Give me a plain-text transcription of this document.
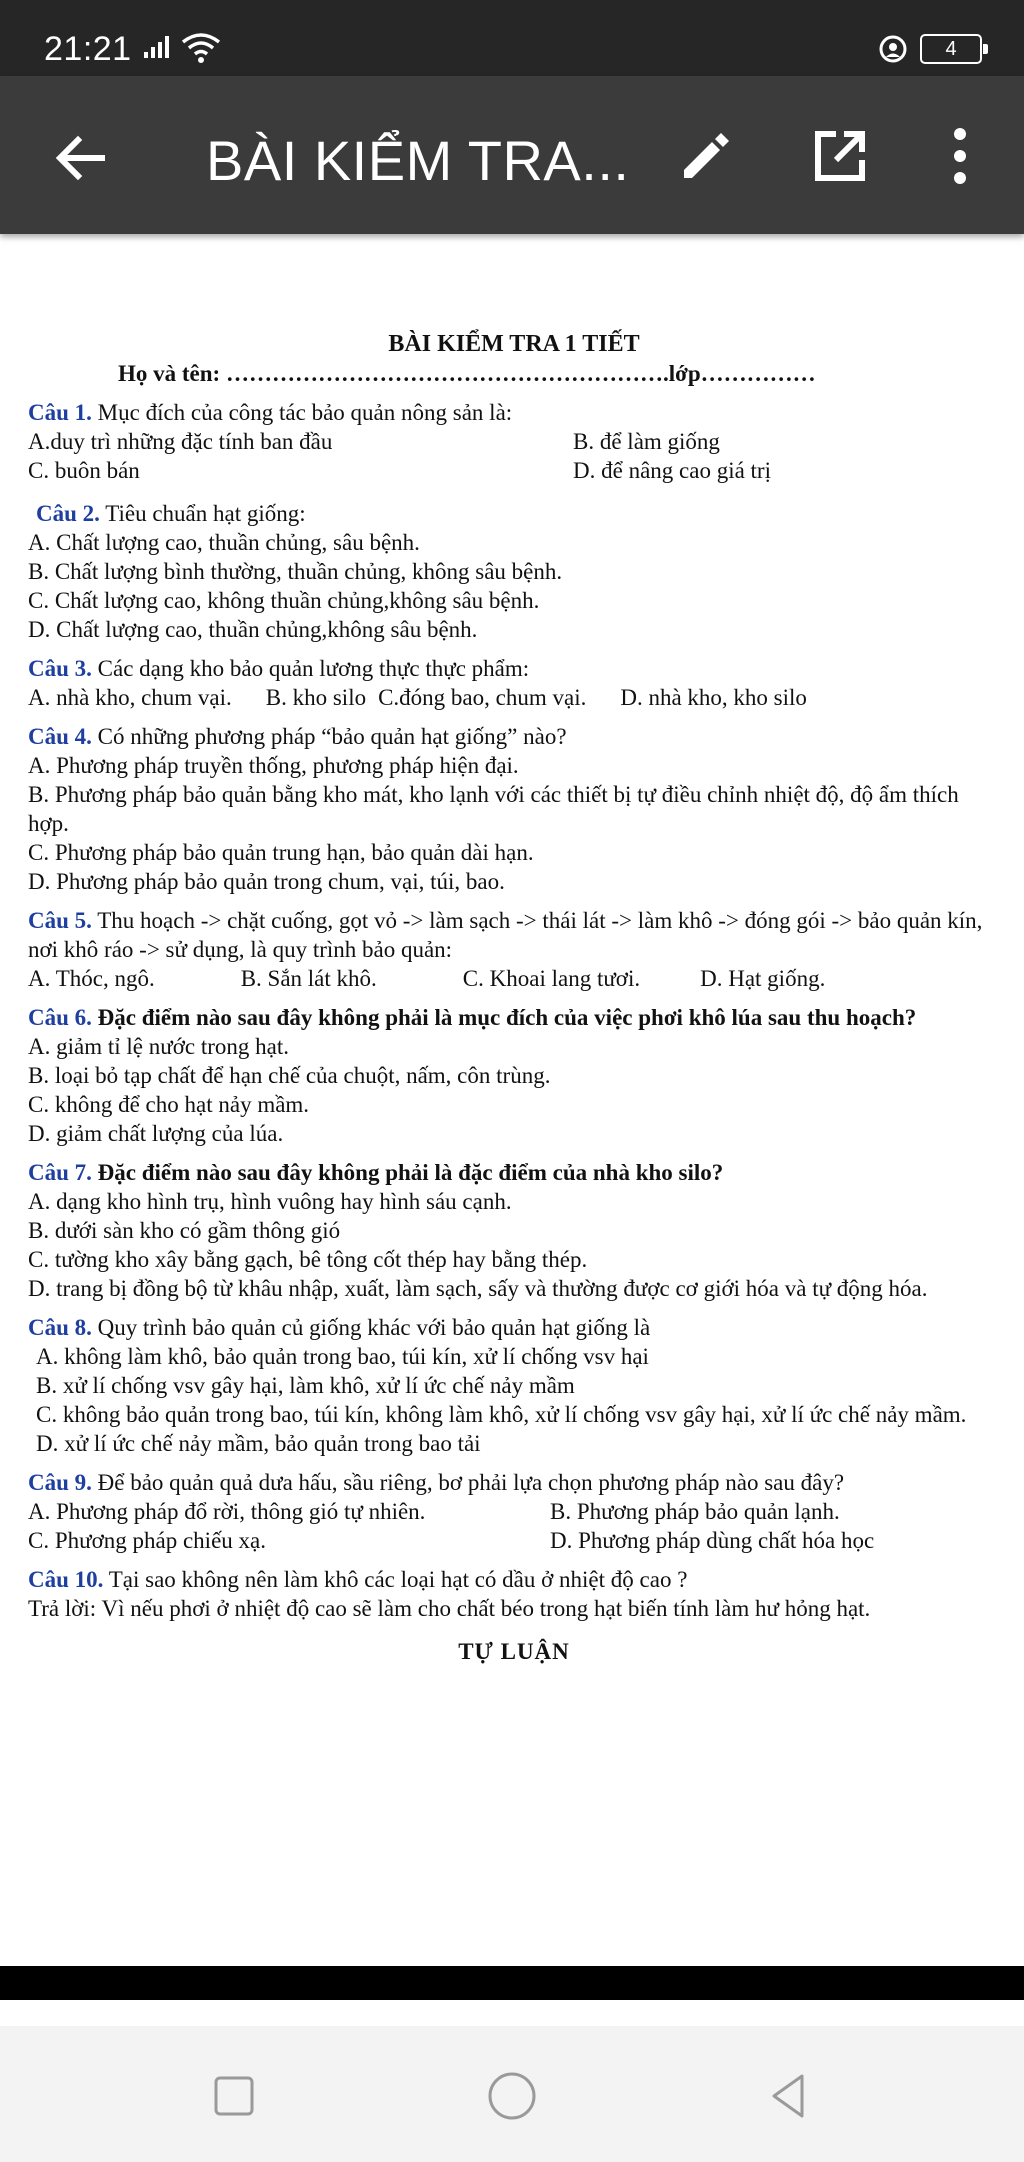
21:21	4
BÀI KIỂM TRA...
BÀI KIỂM TRA 1 TIẾT
Họ và tên: ………………………………………………….lớp……………
Câu 1. Mục đích của công tác bảo quản nông sản là:
A.duy trì những đặc tính ban đầu	B. để làm giống
C. buôn bán	D. để nâng cao giá trị
Câu 2. Tiêu chuẩn hạt giống:
A. Chất lượng cao, thuần chủng, sâu bệnh.
B. Chất lượng bình thường, thuần chủng, không sâu bệnh.
C. Chất lượng cao, không thuần chủng,không sâu bệnh.
D. Chất lượng cao, thuần chủng,không sâu bệnh.
Câu 3. Các dạng kho bảo quản lương thực thực phẩm:
A. nhà kho, chum vại. B. kho silo C.đóng bao, chum vại. D. nhà kho, kho silo
Câu 4. Có những phương pháp “bảo quản hạt giống” nào?
A. Phương pháp truyền thống, phương pháp hiện đại.
B. Phương pháp bảo quản bằng kho mát, kho lạnh với các thiết bị tự điều chỉnh nhiệt độ, độ ẩm thích hợp.
C. Phương pháp bảo quản trung hạn, bảo quản dài hạn.
D. Phương pháp bảo quản trong chum, vại, túi, bao.
Câu 5. Thu hoạch -> chặt cuống, gọt vỏ -> làm sạch -> thái lát -> làm khô -> đóng gói -> bảo quản kín, nơi khô ráo -> sử dụng, là quy trình bảo quản:
A. Thóc, ngô.	B. Sắn lát khô.	C. Khoai lang tươi.	D. Hạt giống.
Câu 6. Đặc điểm nào sau đây không phải là mục đích của việc phơi khô lúa sau thu hoạch?
A. giảm tỉ lệ nước trong hạt.
B. loại bỏ tạp chất để hạn chế của chuột, nấm, côn trùng.
C. không để cho hạt nảy mầm.
D. giảm chất lượng của lúa.
Câu 7. Đặc điểm nào sau đây không phải là đặc điểm của nhà kho silo?
A. dạng kho hình trụ, hình vuông hay hình sáu cạnh.
B. dưới sàn kho có gầm thông gió
C. tường kho xây bằng gạch, bê tông cốt thép hay bằng thép.
D. trang bị đồng bộ từ khâu nhập, xuất, làm sạch, sấy và thường được cơ giới hóa và tự động hóa.
Câu 8. Quy trình bảo quản củ giống khác với bảo quản hạt giống là
A. không làm khô, bảo quản trong bao, túi kín, xử lí chống vsv hại
B. xử lí chống vsv gây hại, làm khô, xử lí ức chế nảy mầm
C. không bảo quản trong bao, túi kín, không làm khô, xử lí chống vsv gây hại, xử lí ức chế nảy mầm.
D. xử lí ức chế nảy mầm, bảo quản trong bao tải
Câu 9. Để bảo quản quả dưa hấu, sầu riêng, bơ phải lựa chọn phương pháp nào sau đây?
A. Phương pháp đổ rời, thông gió tự nhiên.	B. Phương pháp bảo quản lạnh.
C. Phương pháp chiếu xạ.	D. Phương pháp dùng chất hóa học
Câu 10. Tại sao không nên làm khô các loại hạt có dầu ở nhiệt độ cao ?
Trả lời: Vì nếu phơi ở nhiệt độ cao sẽ làm cho chất béo trong hạt biến tính làm hư hỏng hạt.
TỰ LUẬN
